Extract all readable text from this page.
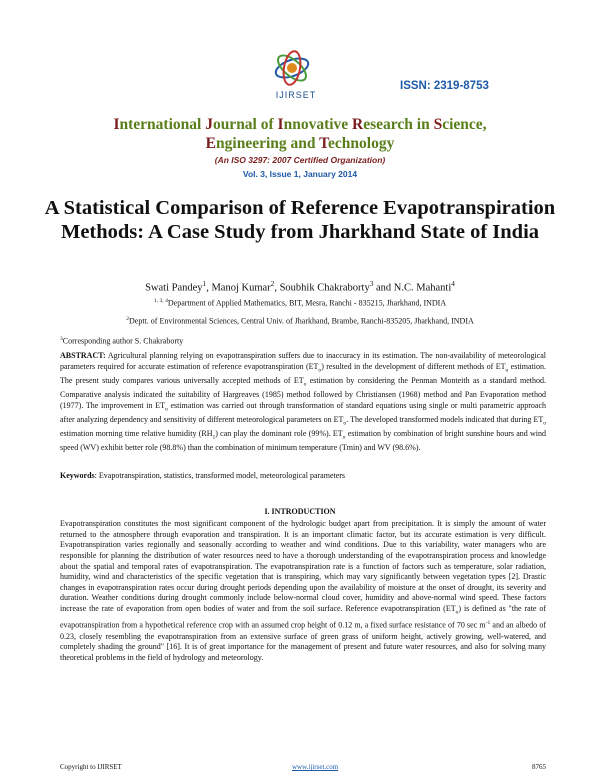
IJIRSET
ISSN: 2319-8753
International Journal of Innovative Research in Science,
Engineering and Technology
(An ISO 3297: 2007 Certified Organization)
Vol. 3, Issue 1, January 2014
A Statistical Comparison of Reference Evapotranspiration Methods: A Case Study from Jharkhand State of India
Swati Pandey$^1$, Manoj Kumar$^2$, Soubhik Chakraborty$^3$ and N.C. Mahanti$^4$
$^{1, 3, 4}$Department of Applied Mathematics, BIT, Mesra, Ranchi - 835215, Jharkhand, INDIA
$^2$Deptt. of Environmental Sciences, Central Univ. of Jharkhand, Brambe, Ranchi-835205, Jharkhand, INDIA
$^3$Corresponding author S. Chakraborty
ABSTRACT: Agricultural planning relying on evapotranspiration suffers due to inaccuracy in its estimation. The non-availability of meteorological parameters required for accurate estimation of reference evapotranspiration $(ET_o)$ resulted in the development of different methods of $ET_o$ estimation. The present study compares various universally accepted methods of $ET_o$ estimation by considering the Penman Monteith as a standard method. Comparative analysis indicated the suitability of Hargreaves (1985) method followed by Christiansen (1968) method and Pan Evaporation method (1977). The improvement in $ET_o$ estimation was carried out through transformation of standard equations using single or multi parametric approach after analyzing dependency and sensitivity of different meteorological parameters on $ET_o$. The developed transformed models indicated that during $ET_o$ estimation morning time relative humidity $(RH_1)$ can play the dominant role (99%). $ET_o$ estimation by combination of bright sunshine hours and wind speed (WV) exhibit better role (98.8%) than the combination of minimum temperature (Tmin) and WV (98.6%).
Keywords: Evapotranspiration, statistics, transformed model, meteorological parameters
I. INTRODUCTION
Evapotranspiration constitutes the most significant component of the hydrologic budget apart from precipitation. It is simply the amount of water returned to the atmosphere through evaporation and transpiration. It is an important climatic factor, but its accurate estimation is very difficult. Evapotranspiration varies regionally and seasonally according to weather and wind conditions. Due to this variability, water managers who are responsible for planning the distribution of water resources need to have a thorough understanding of the evapotranspiration process and knowledge about the spatial and temporal rates of evapotranspiration. The evapotranspiration rate is a function of factors such as temperature, solar radiation, humidity, wind and characteristics of the specific vegetation that is transpiring, which may vary significantly between vegetation types [2]. Drastic changes in evapotranspiration rates occur during drought periods depending upon the availability of moisture at the onset of drought, its severity and duration. Weather conditions during drought commonly include below-normal cloud cover, humidity and above-normal wind speed. These factors increase the rate of evaporation from open bodies of water and from the soil surface. Reference evapotranspiration $(ET_o)$ is defined as "the rate of evapotranspiration from a hypothetical reference crop with an assumed crop height of 0.12 m, a fixed surface resistance of 70 $\sec m^{-1}$ and an albedo of 0.23, closely resembling the evapotranspiration from an extensive surface of green grass of uniform height, actively growing, well-watered, and completely shading the ground" [16]. It is of great importance for the management of present and future water resources, and also for solving many theoretical problems in the field of hydrology and meteorology.
Copyright to IJIRSET	www.ijirset.com	8765
